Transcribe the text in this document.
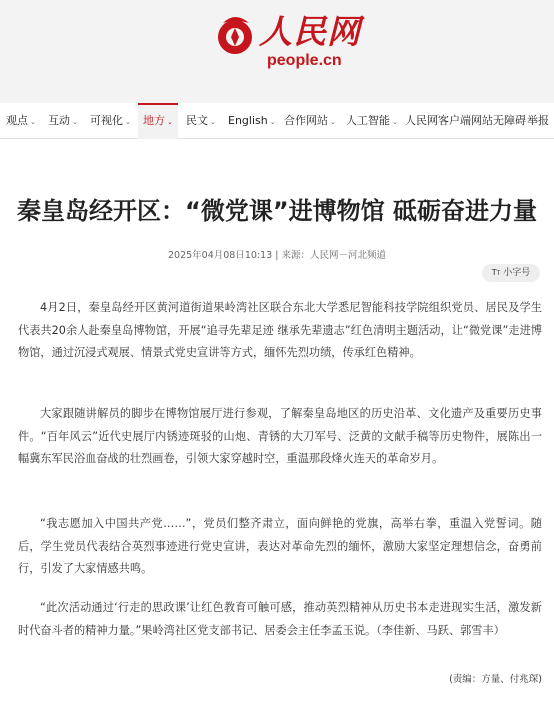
人民网
people.cn
观点 ⌄ 互动 ⌄ 可视化 ⌄	地方 ⌄	民文 ⌄ English ⌄ 合作网站 ⌄ 人工智能 ⌄ 人民网客户端 网站无障碍 举报
秦皇岛经开区：“微党课”进博物馆 砥砺奋进力量
2025年04月08日10:13 | 来源：人民网－河北频道
TT 小字号

4月2日，秦皇岛经开区黄河道街道果岭湾社区联合东北大学悉尼智能科技学院组织党员、居民及学生代表共20余人赴秦皇岛博物馆，开展“追寻先辈足迹 继承先辈遗志”红色清明主题活动，让“微党课”走进博物馆，通过沉浸式观展、情景式党史宣讲等方式，缅怀先烈功绩，传承红色精神。

大家跟随讲解员的脚步在博物馆展厅进行参观，了解秦皇岛地区的历史沿革、文化遗产及重要历史事件。“百年风云”近代史展厅内锈迹斑驳的山炮、青锈的大刀军号、泛黄的文献手稿等历史物件，展陈出一幅冀东军民浴血奋战的壮烈画卷，引领大家穿越时空，重温那段烽火连天的革命岁月。

“我志愿加入中国共产党……”，党员们整齐肃立，面向鲜艳的党旗，高举右拳，重温入党誓词。随后，学生党员代表结合英烈事迹进行党史宣讲，表达对革命先烈的缅怀，激励大家坚定理想信念，奋勇前行，引发了大家情感共鸣。

“此次活动通过‘行走的思政课’让红色教育可触可感，推动英烈精神从历史书本走进现实生活，激发新时代奋斗者的精神力量。”果岭湾社区党支部书记、居委会主任李孟玉说。（李佳新、马跃、郭雪丰）

(责编：方量、付兆琛)
